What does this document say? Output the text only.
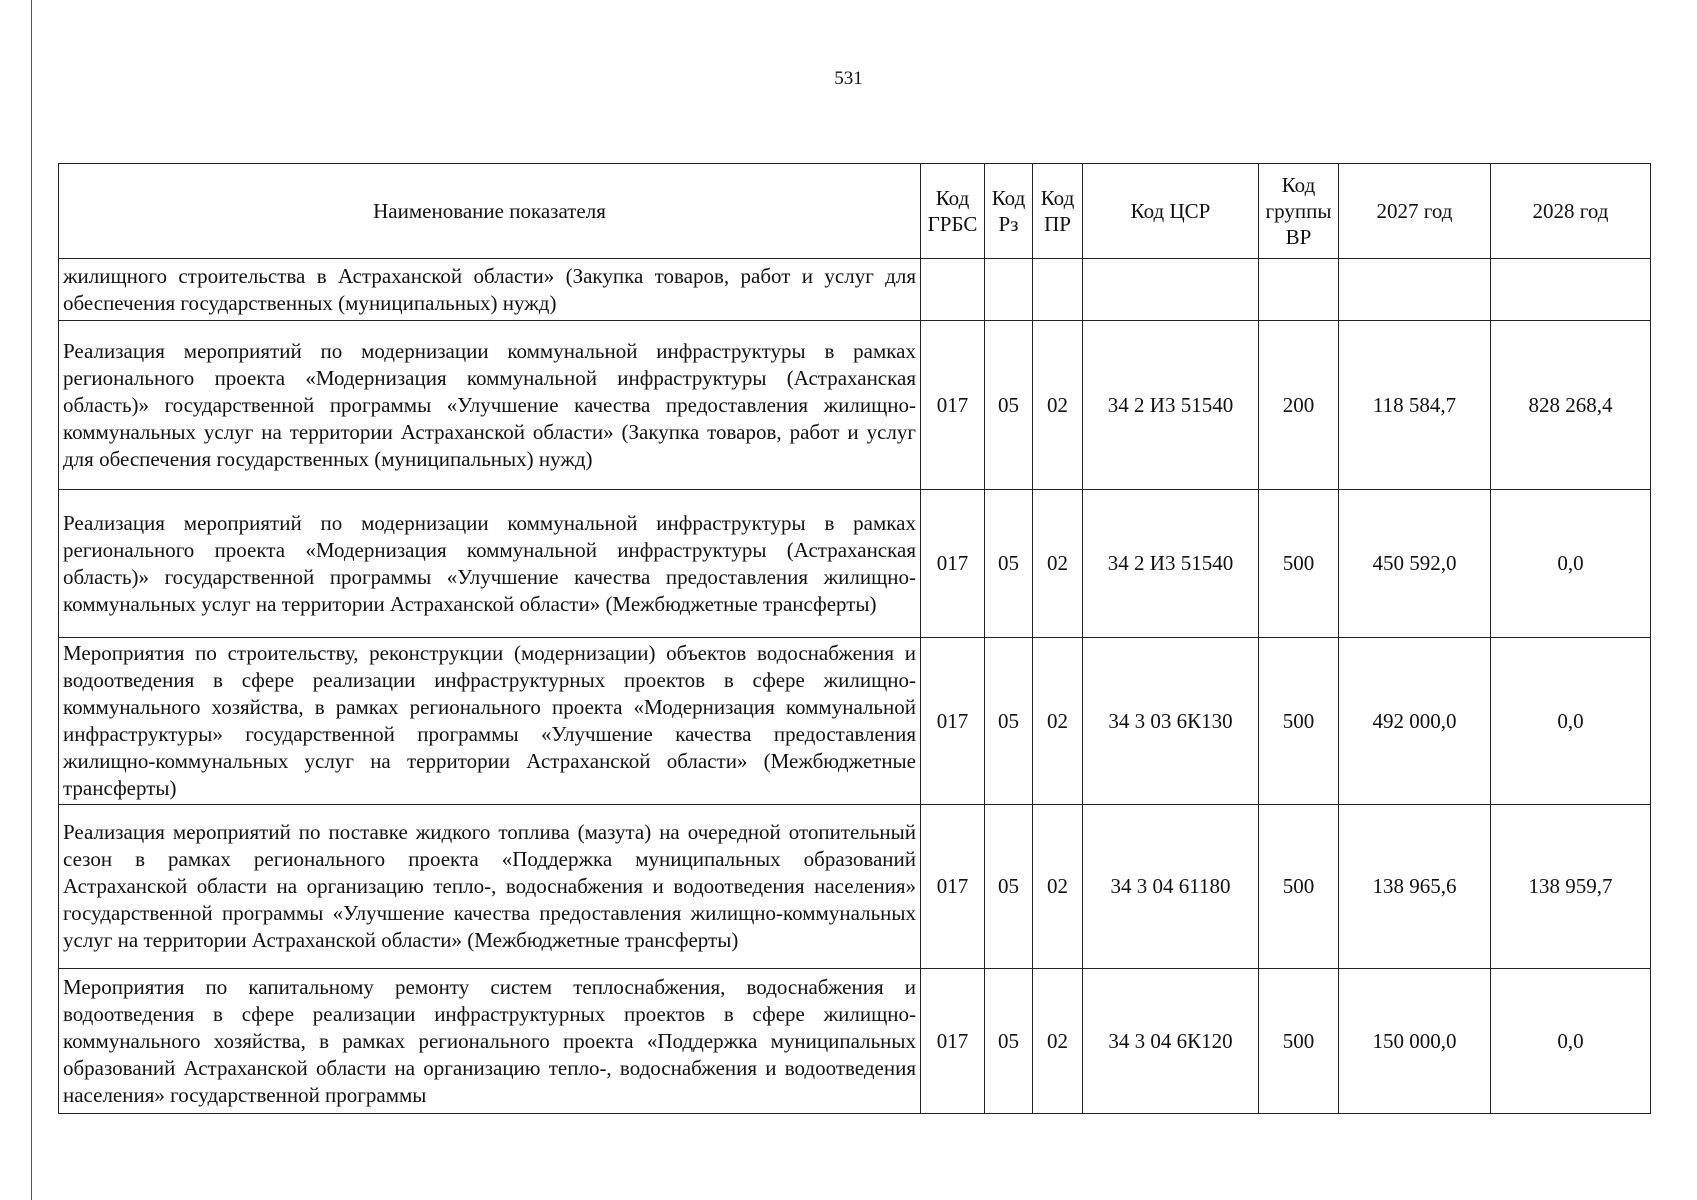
531
Наименование показателя	Код ГРБС	Код Рз	Код ПР	Код ЦСР	Код группы ВР	2027 год	2028 год
жилищного строительства в Астраханской области» (Закупка товаров, работ и услуг для обеспечения государственных (муниципальных) нужд)							
Реализация мероприятий по модернизации коммунальной инфраструктуры в рамках регионального проекта «Модернизация коммунальной инфраструктуры (Астраханская область)» государственной программы «Улучшение качества предоставления жилищно-коммунальных услуг на территории Астраханской области» (Закупка товаров, работ и услуг для обеспечения государственных (муниципальных) нужд)	017	05	02	34 2 И3 51540	200	118 584,7	828 268,4
Реализация мероприятий по модернизации коммунальной инфраструктуры в рамках регионального проекта «Модернизация коммунальной инфраструктуры (Астраханская область)» государственной программы «Улучшение качества предоставления жилищно-коммунальных услуг на территории Астраханской области» (Межбюджетные трансферты)	017	05	02	34 2 И3 51540	500	450 592,0	0,0
Мероприятия по строительству, реконструкции (модернизации) объектов водоснабжения и водоотведения в сфере реализации инфраструктурных проектов в сфере жилищно-коммунального хозяйства, в рамках регионального проекта «Модернизация коммунальной инфраструктуры» государственной программы «Улучшение качества предоставления жилищно-коммунальных услуг на территории Астраханской области» (Межбюджетные трансферты)	017	05	02	34 3 03 6К130	500	492 000,0	0,0
Реализация мероприятий по поставке жидкого топлива (мазута) на очередной отопительный сезон в рамках регионального проекта «Поддержка муниципальных образований Астраханской области на организацию тепло-, водоснабжения и водоотведения населения» государственной программы «Улучшение качества предоставления жилищно-коммунальных услуг на территории Астраханской области» (Межбюджетные трансферты)	017	05	02	34 3 04 61180	500	138 965,6	138 959,7
Мероприятия по капитальному ремонту систем теплоснабжения, водоснабжения и водоотведения в сфере реализации инфраструктурных проектов в сфере жилищно-коммунального хозяйства, в рамках регионального проекта «Поддержка муниципальных образований Астраханской области на организацию тепло-, водоснабжения и водоотведения населения» государственной программы	017	05	02	34 3 04 6К120	500	150 000,0	0,0
